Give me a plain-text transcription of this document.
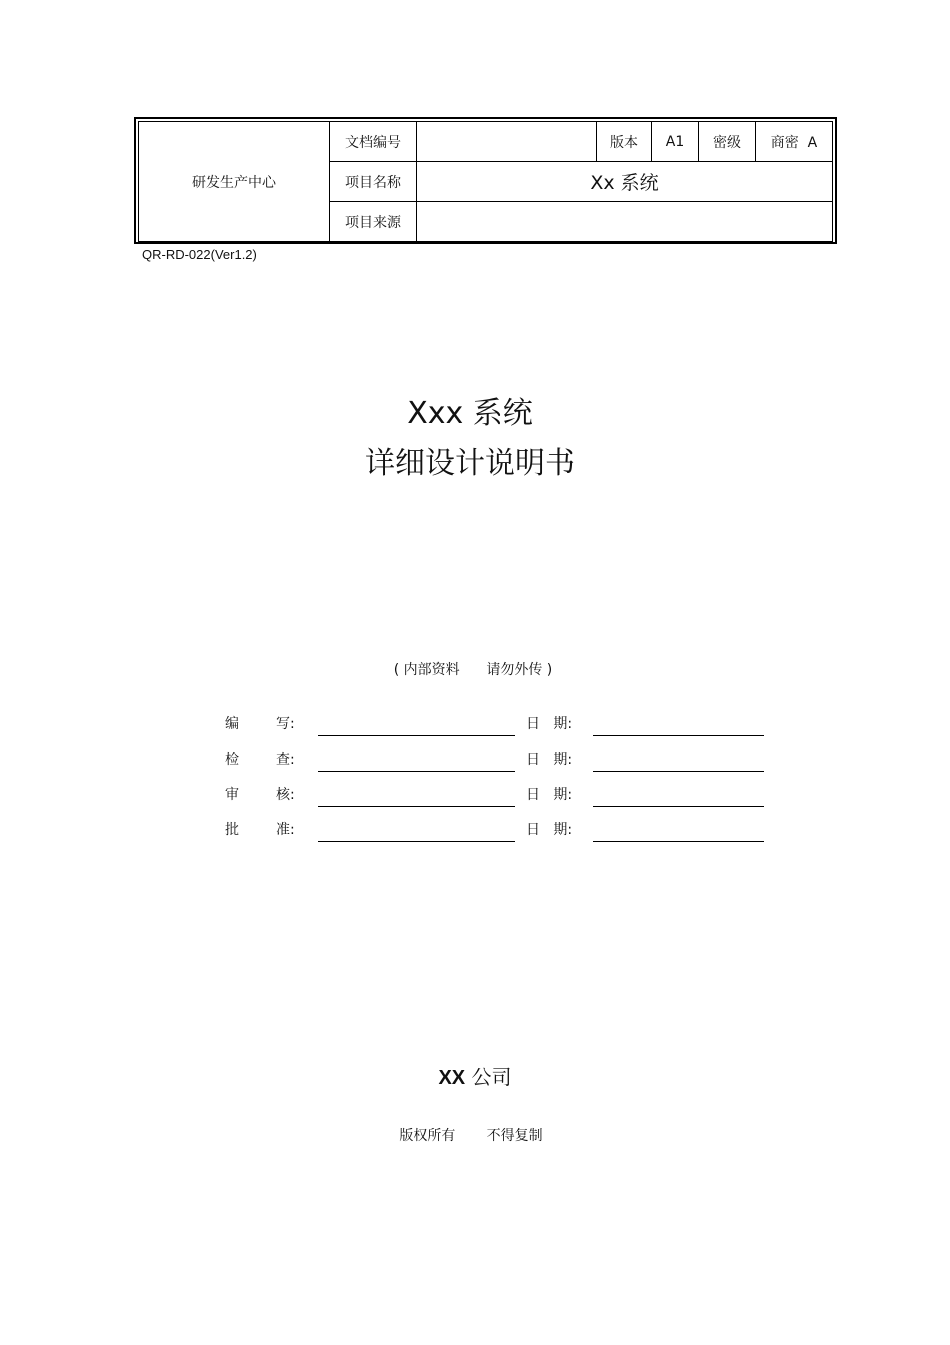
研发生产中心	文档编号		版本	A1	密级	商密  A
	项目名称	Xx 系统				
	项目来源					
QR-RD-022(Ver1.2)
Xxx 系统
详细设计说明书
( 内部资料      请勿外传 )
编	写:	日   期:
检	查:	日   期:
审	核:	日   期:
批	准:	日   期:
XX 公司
版权所有       不得复制
